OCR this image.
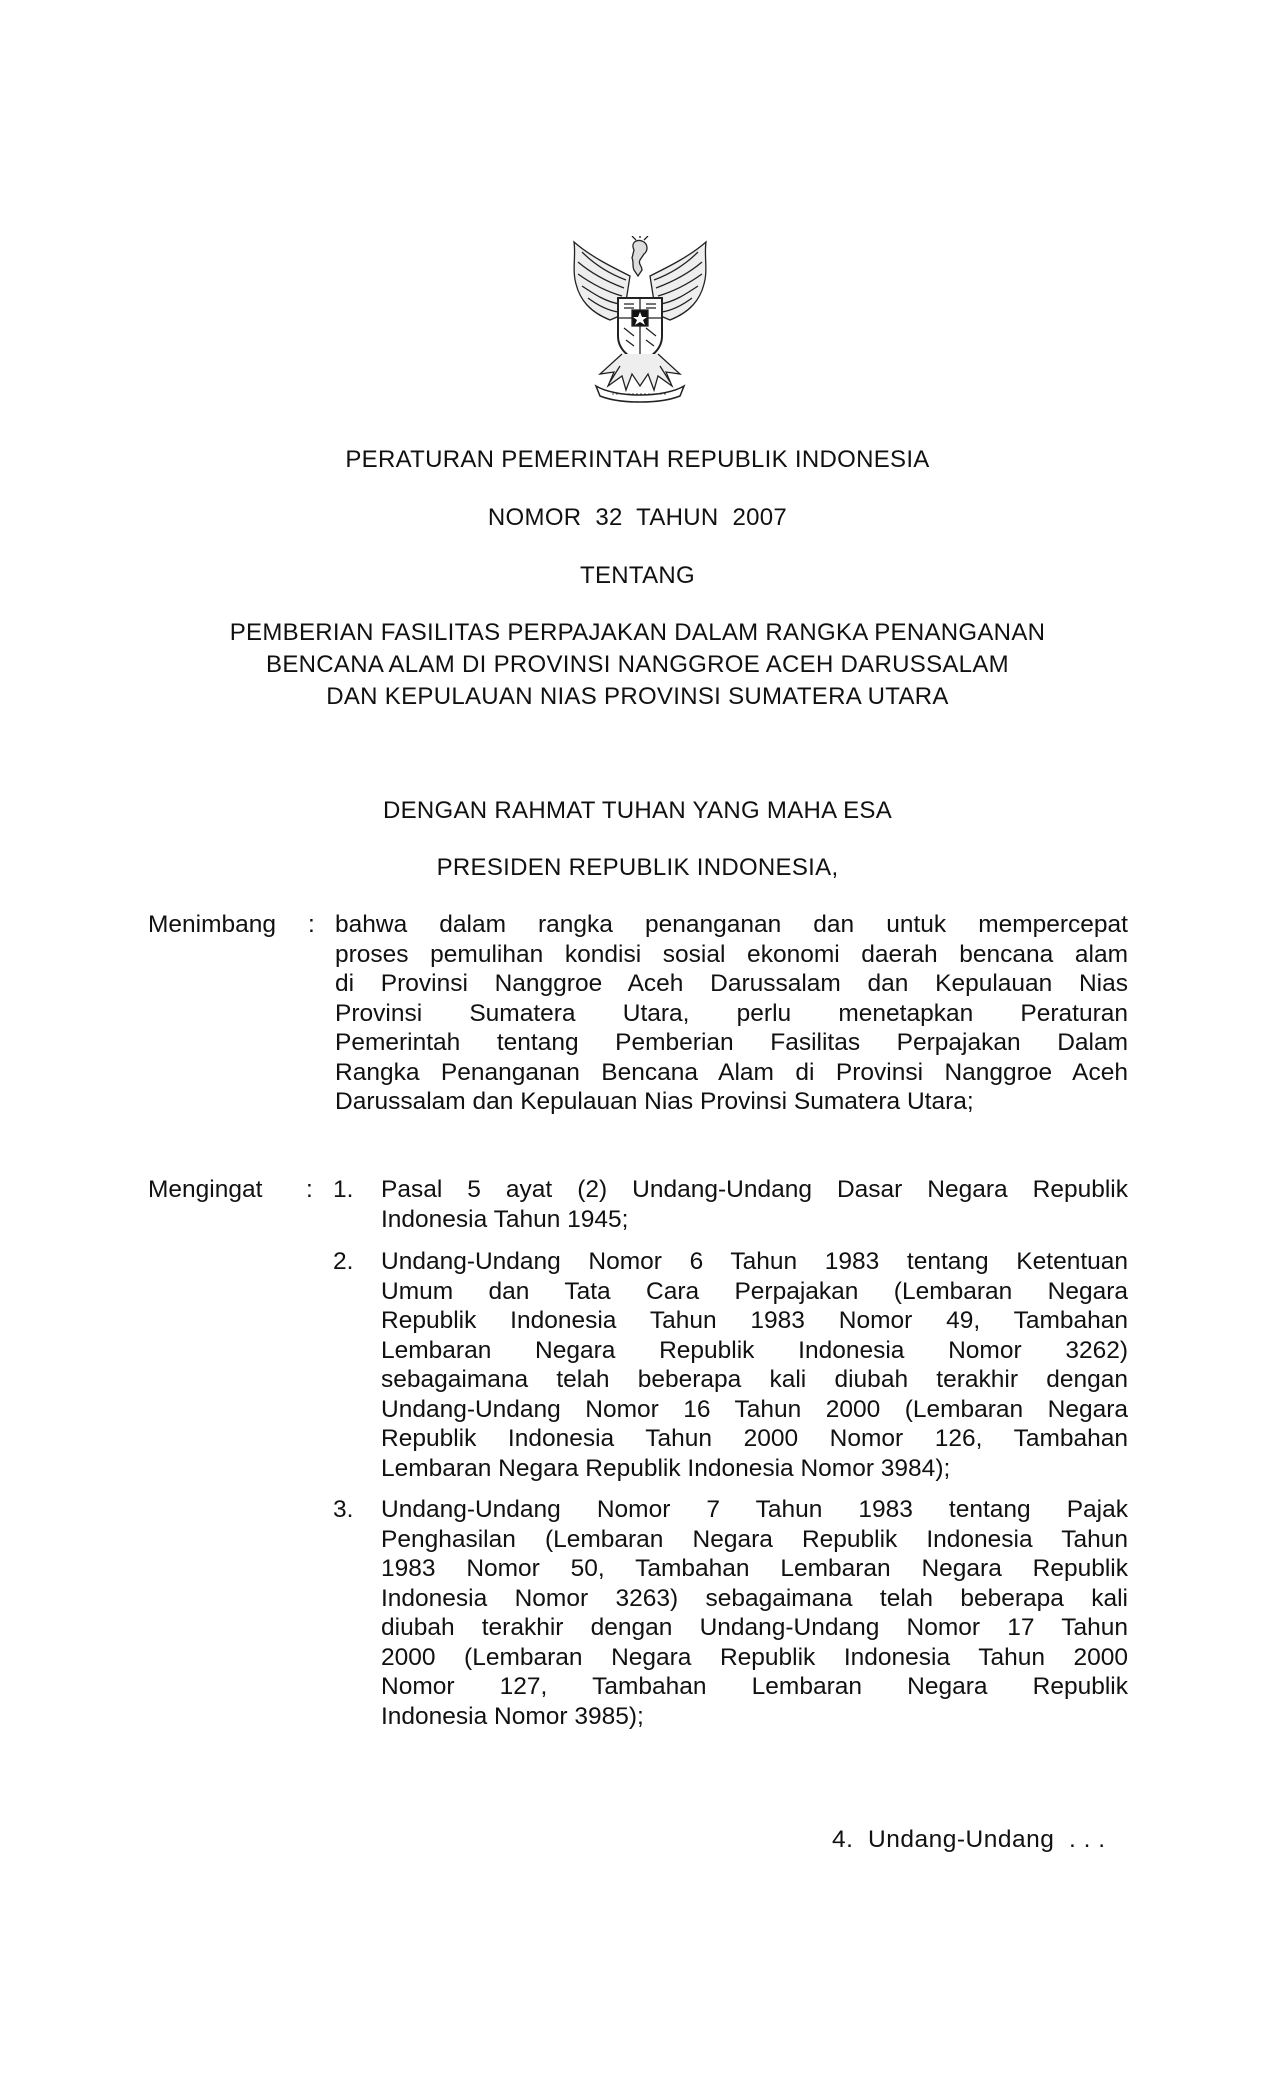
PERATURAN PEMERINTAH REPUBLIK INDONESIA
NOMOR  32  TAHUN  2007
TENTANG
PEMBERIAN FASILITAS PERPAJAKAN DALAM RANGKA PENANGANAN
BENCANA ALAM DI PROVINSI NANGGROE ACEH DARUSSALAM
DAN KEPULAUAN NIAS PROVINSI SUMATERA UTARA
DENGAN RAHMAT TUHAN YANG MAHA ESA
PRESIDEN REPUBLIK INDONESIA,
Menimbang : bahwa dalam rangka penanganan dan untuk mempercepat
proses pemulihan kondisi sosial ekonomi daerah bencana alam
di Provinsi Nanggroe Aceh Darussalam dan Kepulauan Nias
Provinsi Sumatera Utara, perlu menetapkan Peraturan
Pemerintah tentang Pemberian Fasilitas Perpajakan Dalam
Rangka Penanganan Bencana Alam di Provinsi Nanggroe Aceh
Darussalam dan Kepulauan Nias Provinsi Sumatera Utara;
Mengingat : 1. Pasal 5 ayat (2) Undang-Undang Dasar Negara Republik
Indonesia Tahun 1945;
2. Undang-Undang Nomor 6 Tahun 1983 tentang Ketentuan
Umum dan Tata Cara Perpajakan (Lembaran Negara
Republik Indonesia Tahun 1983 Nomor 49, Tambahan
Lembaran Negara Republik Indonesia Nomor 3262)
sebagaimana telah beberapa kali diubah terakhir dengan
Undang-Undang Nomor 16 Tahun 2000 (Lembaran Negara
Republik Indonesia Tahun 2000 Nomor 126, Tambahan
Lembaran Negara Republik Indonesia Nomor 3984);
3. Undang-Undang Nomor 7 Tahun 1983 tentang Pajak
Penghasilan (Lembaran Negara Republik Indonesia Tahun
1983 Nomor 50, Tambahan Lembaran Negara Republik
Indonesia Nomor 3263) sebagaimana telah beberapa kali
diubah terakhir dengan Undang-Undang Nomor 17 Tahun
2000 (Lembaran Negara Republik Indonesia Tahun 2000
Nomor 127, Tambahan Lembaran Negara Republik
Indonesia Nomor 3985);
4.  Undang-Undang  . . .
